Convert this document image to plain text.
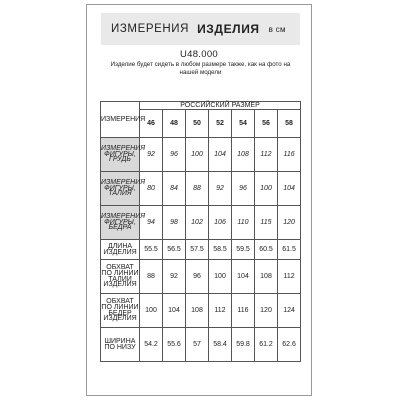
ИЗМЕРЕНИЯ ИЗДЕЛИЯ в см
U48.000
Изделие будет сидеть в любом размере также, как на фото на нашей модели
ИЗМЕРЕНИЯ	РОССИЙСКИЙ РАЗМЕР						
	46	48	50	52	54	56	58
ИЗМЕРЕНИЯ ФИГУРЫ, ГРУДЬ	92	96	100	104	108	112	116
ИЗМЕРЕНИЯ ФИГУРЫ, ТАЛИЯ	80	84	88	92	96	100	104
ИЗМЕРЕНИЯ ФИГУРЫ, БЁДРА	94	98	102	106	110	115	120
ДЛИНА ИЗДЕЛИЯ	55.5	56.5	57.5	58.5	59.5	60.5	61.5
ОБХВАТ ПО ЛИНИИ ТАЛИИ ИЗДЕЛИЯ	88	92	96	100	104	108	112
ОБХВАТ ПО ЛИНИИ БЕДЕР ИЗДЕЛИЯ	100	104	108	112	116	120	124
ШИРИНА ПО НИЗУ	54.2	55.6	57	58.4	59.8	61.2	62.6
